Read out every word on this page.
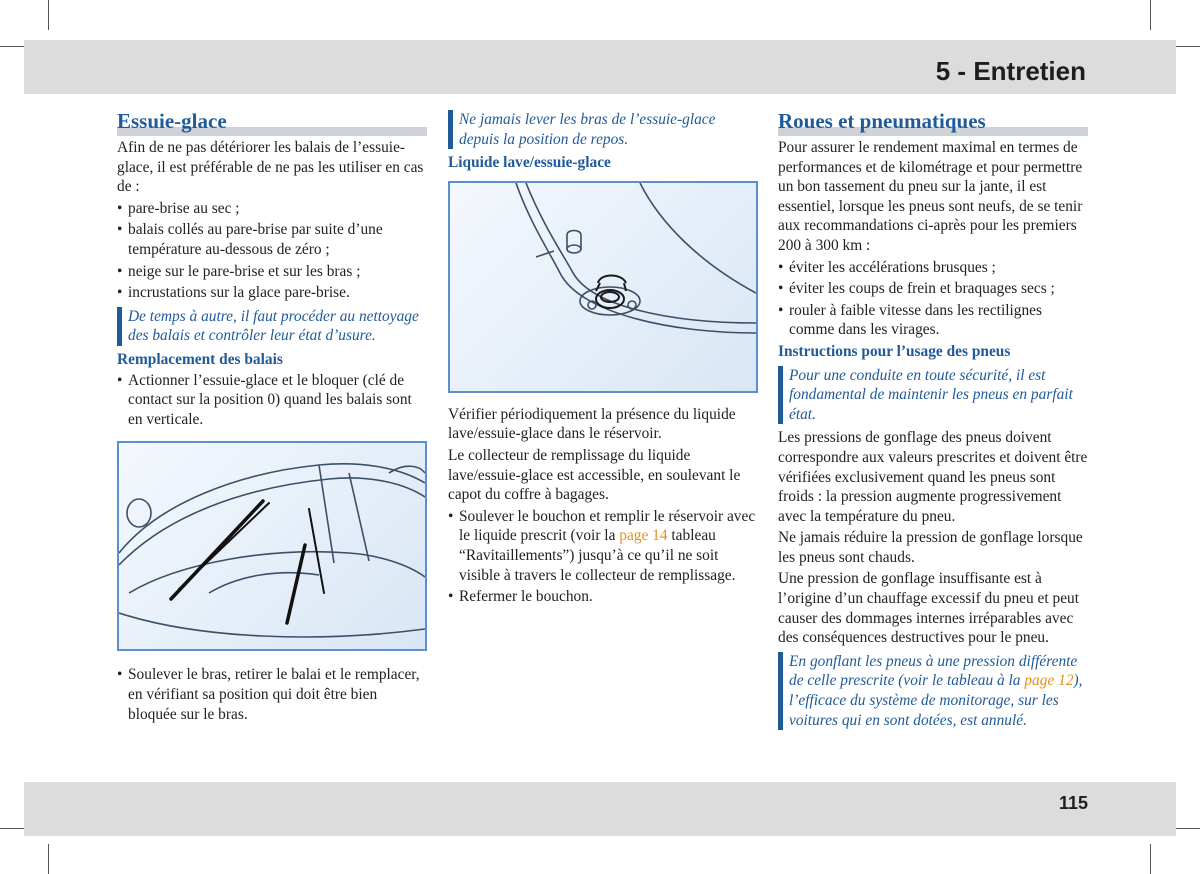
5 - Entretien
115
Essuie-glace

Afin de ne pas détériorer les balais de l’essuie-glace, il est préférable de ne pas les utiliser en cas de :

• pare-brise au sec ;
• balais collés au pare-brise par suite d’une température au-dessous de zéro ;
• neige sur le pare-brise et sur les bras ;
• incrustations sur la glace pare-brise.
De temps à autre, il faut procéder au nettoyage des balais et contrôler leur état d’usure.
Remplacement des balais
• Actionner l’essuie-glace et le bloquer (clé de contact sur la position 0) quand les balais sont en verticale.
• Soulever le bras, retirer le balai et le remplacer, en vérifiant sa position qui doit être bien bloquée sur le bras.
Ne jamais lever les bras de l’essuie-glace depuis la position de repos.
Liquide lave/essuie-glace

Vérifier périodiquement la présence du liquide lave/essuie-glace dans le réservoir.

Le collecteur de remplissage du liquide lave/essuie-glace est accessible, en soulevant le capot du coffre à bagages.

• Soulever le bouchon et remplir le réservoir avec le liquide prescrit (voir la page 14 tableau “Ravitaillements”) jusqu’à ce qu’il ne soit visible à travers le collecteur de remplissage.
• Refermer le bouchon.
Roues et pneumatiques

Pour assurer le rendement maximal en termes de performances et de kilométrage et pour permettre un bon tassement du pneu sur la jante, il est essentiel, lorsque les pneus sont neufs, de se tenir aux recommandations ci-après pour les premiers 200 à 300 km :

• éviter les accélérations brusques ;
• éviter les coups de frein et braquages secs ;
• rouler à faible vitesse dans les rectilignes comme dans les virages.
Instructions pour l’usage des pneus
Pour une conduite en toute sécurité, il est fondamental de maintenir les pneus en parfait état.

Les pressions de gonflage des pneus doivent correspondre aux valeurs prescrites et doivent être vérifiées exclusivement quand les pneus sont froids : la pression augmente progressivement avec la température du pneu.

Ne jamais réduire la pression de gonflage lorsque les pneus sont chauds.

Une pression de gonflage insuffisante est à l’origine d’un chauffage excessif du pneu et peut causer des dommages internes irréparables avec des conséquences destructives pour le pneu.

En gonflant les pneus à une pression différente de celle prescrite (voir le tableau à la page 12), l’efficace du système de monitorage, sur les voitures qui en sont dotées, est annulé.
